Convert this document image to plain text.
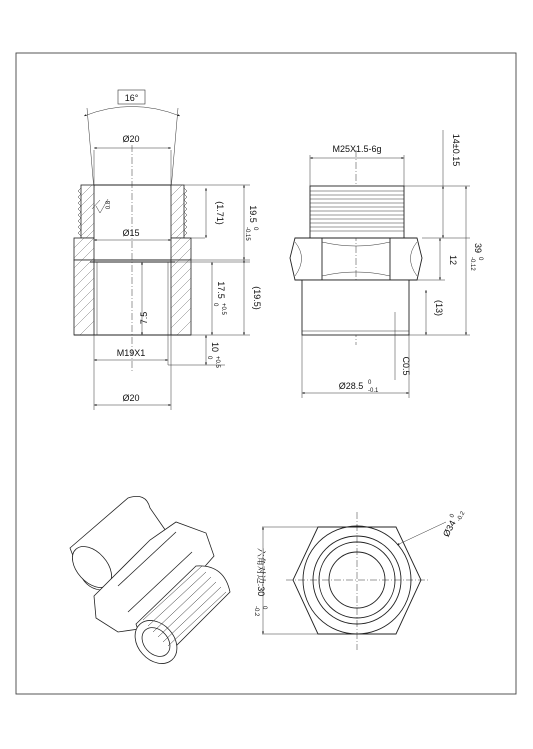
16°
Ø20
Ø15
0.8
7.5
M19X1
Ø20
(1.71)	19.5
0
-0.15
17.5
+0.5
0	(19.5)
10
+0.5
0
M25X1.5-6g	14±0.15
39
0
-0.12
12
(13)
C0.5
Ø28.5 0
-0.1
六角对边:30
0
-0.2
Ø34
0 -0.2
